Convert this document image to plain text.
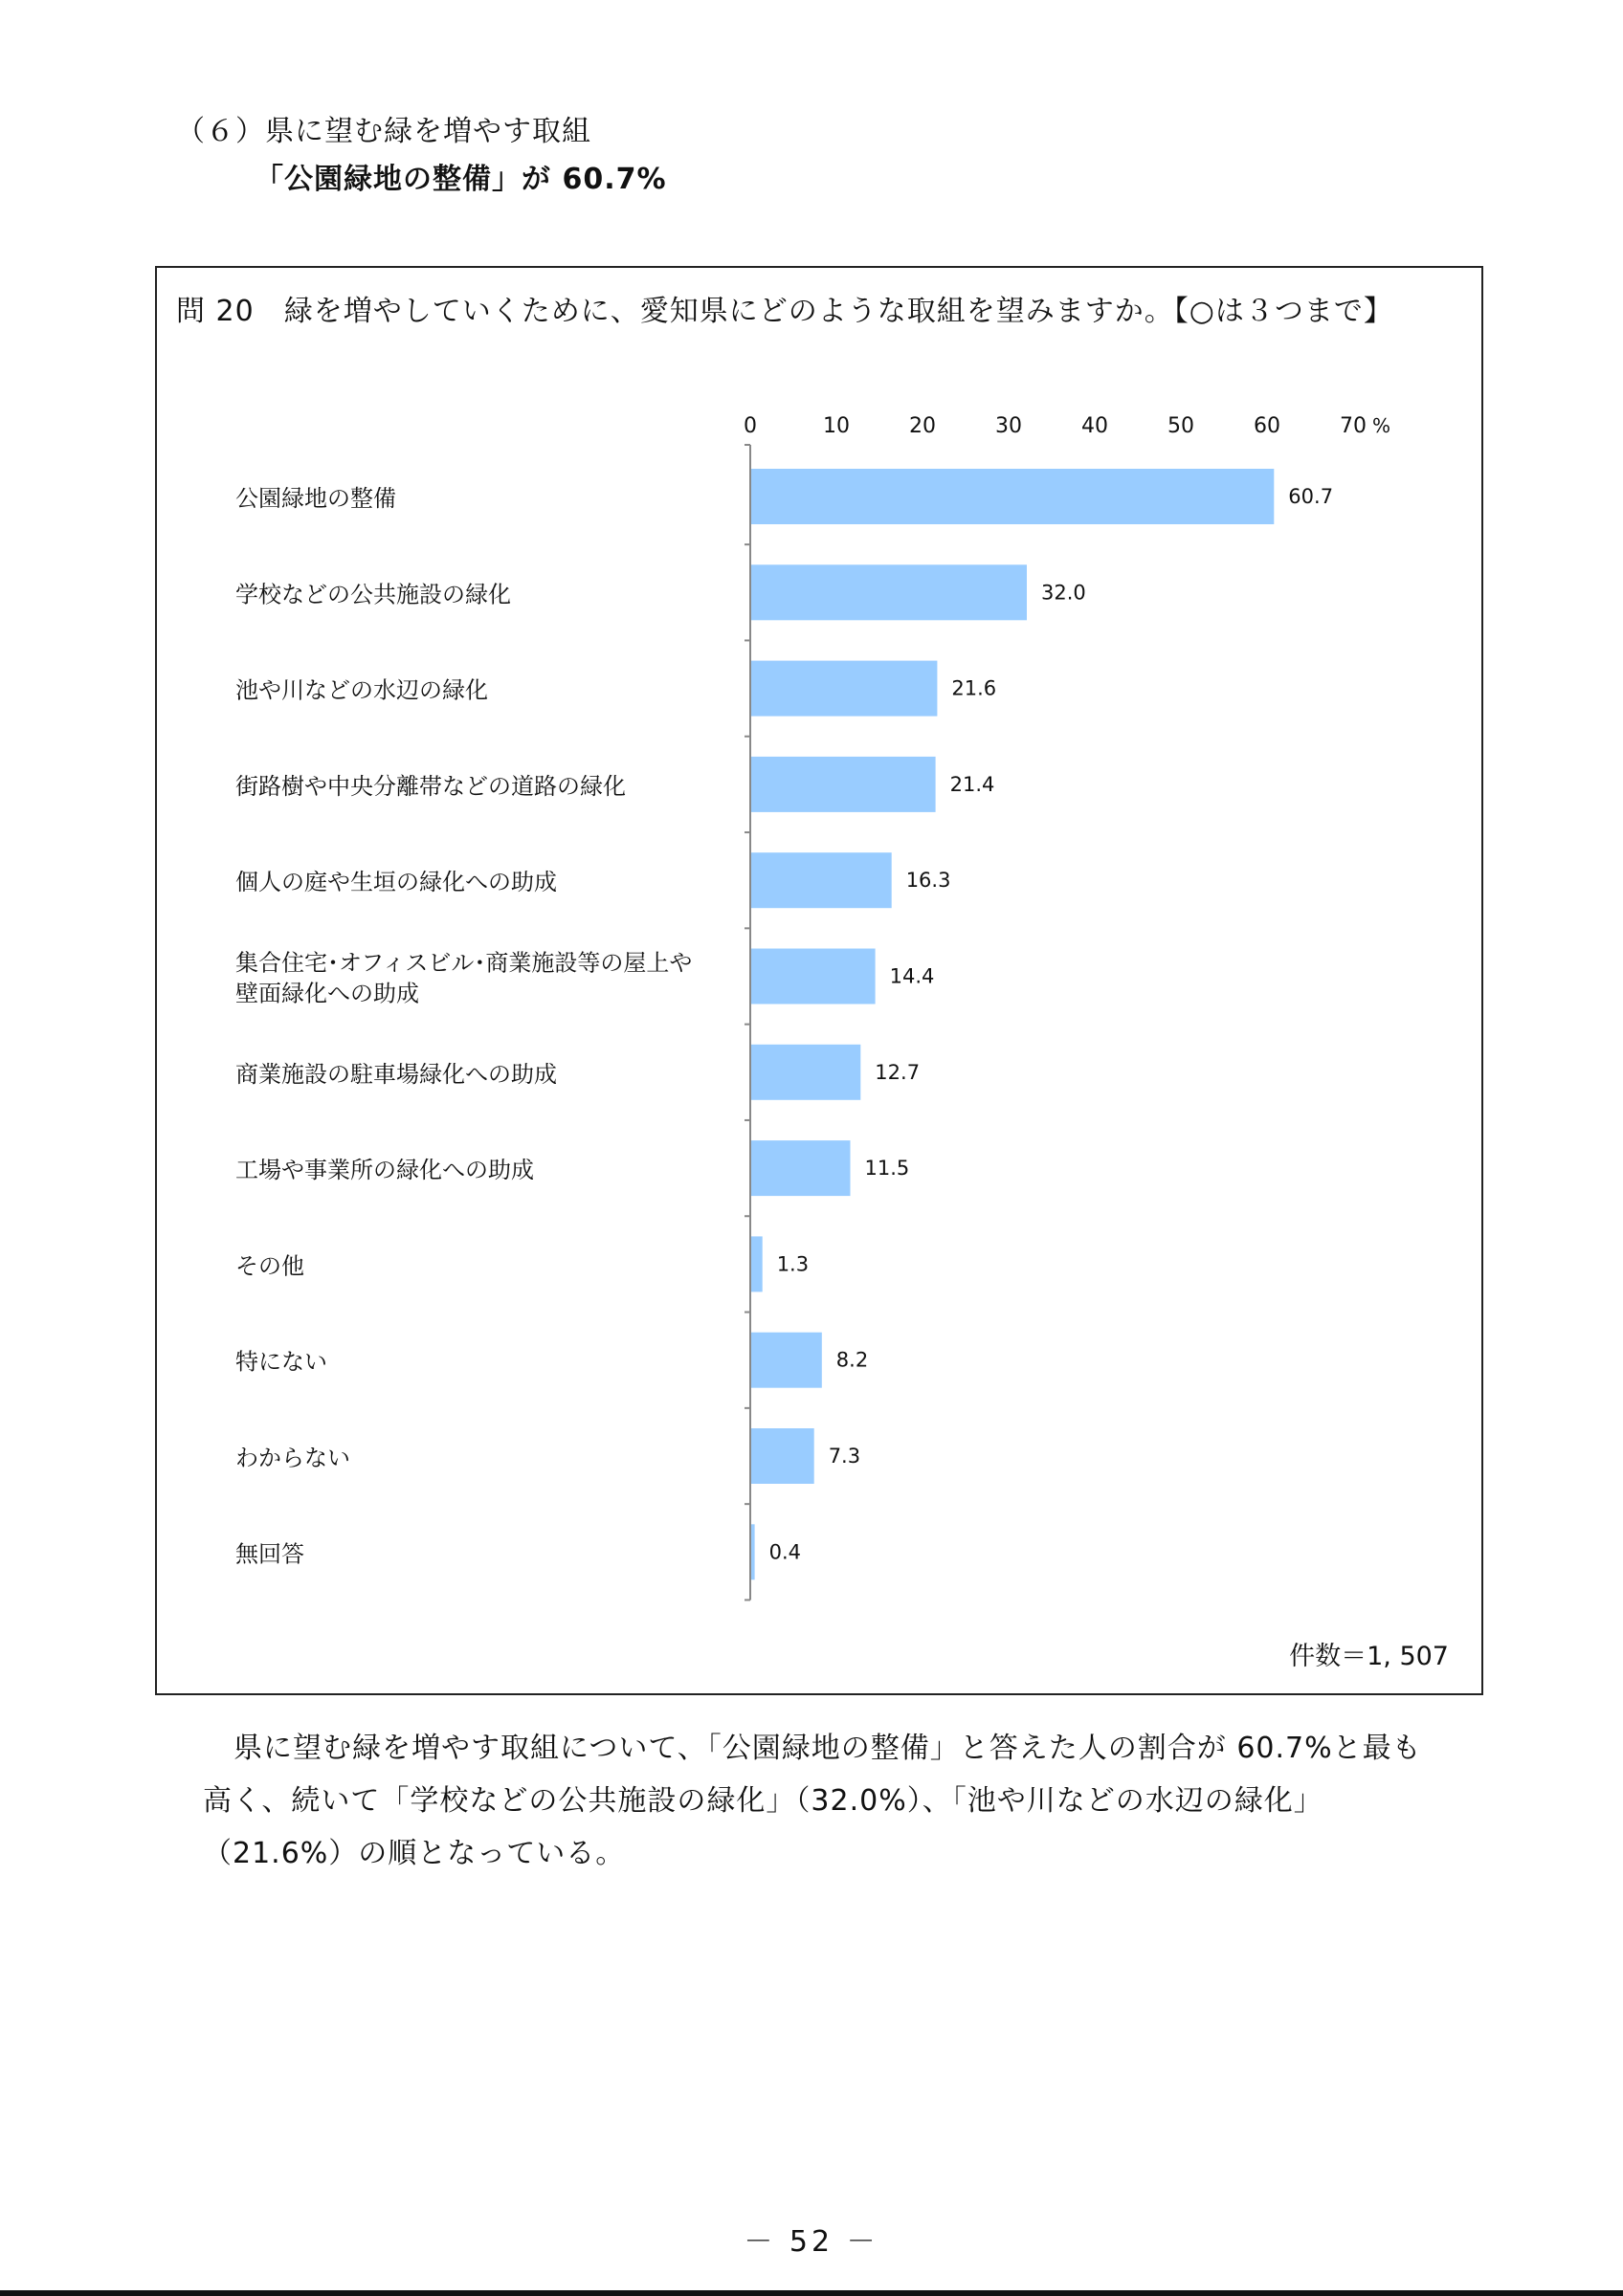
（６）県に望む緑を増やす取組
「公園緑地の整備」が 60.7%
問 20　緑を増やしていくために、愛知県にどのような取組を望みますか。【○は３つまで】
0	10	20	30	40	50	60	70 %
60.7
公園緑地の整備
32.0
学校などの公共施設の緑化
21.6
池や川などの水辺の緑化
21.4
街路樹や中央分離帯などの道路の緑化
16.3
個人の庭や生垣の緑化への助成
14.4
集合住宅･オフィスビル･商業施設等の屋上や壁面緑化への助成
12.7
商業施設の駐車場緑化への助成
11.5
工場や事業所の緑化への助成
1.3
その他
8.2
特にない
7.3
わからない
0.4
無回答
件数＝1, 507
県に望む緑を増やす取組について、「公園緑地の整備」と答えた人の割合が 60.7%と最も高く、続いて「学校などの公共施設の緑化」（32.0%）、「池や川などの水辺の緑化」（21.6%）の順となっている。
－ 52 －
